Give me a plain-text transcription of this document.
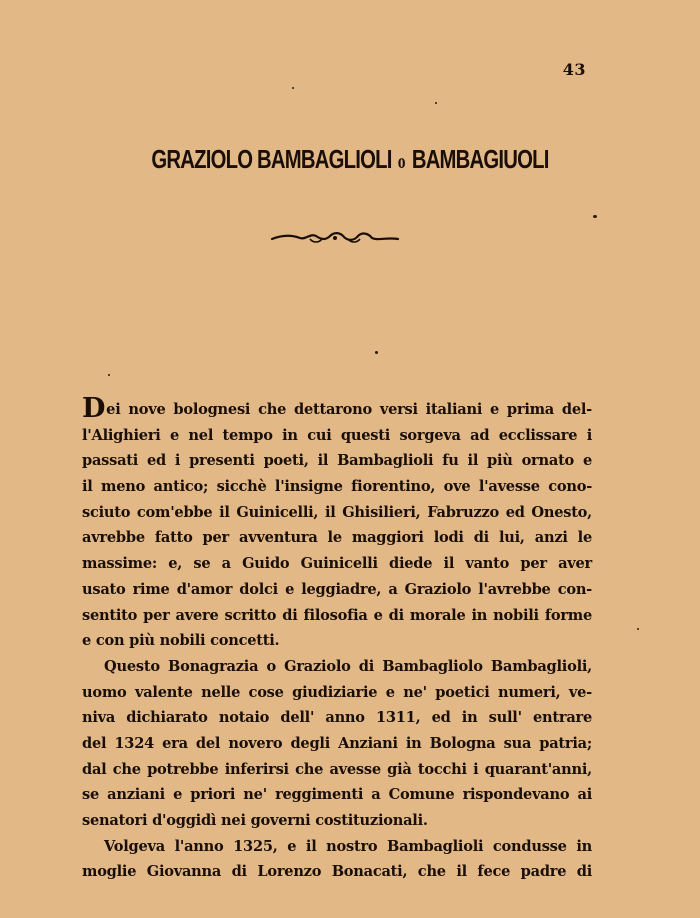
43
GRAZIOLO BAMBAGLIOLI o BAMBAGIUOLI
Dei nove bolognesi che dettarono versi italiani e prima del-
l'Alighieri e nel tempo in cui questi sorgeva ad ecclissare i
passati ed i presenti poeti, il Bambaglioli fu il più ornato e
il meno antico; sicchè l'insigne fiorentino, ove l'avesse cono-
sciuto com'ebbe il Guinicelli, il Ghisilieri, Fabruzzo ed Onesto,
avrebbe fatto per avventura le maggiori lodi di lui, anzi le
massime: e, se a Guido Guinicelli diede il vanto per aver
usato rime d'amor dolci e leggiadre, a Graziolo l'avrebbe con-
sentito per avere scritto di filosofia e di morale in nobili forme
e con più nobili concetti.
Questo Bonagrazia o Graziolo di Bambagliolo Bambaglioli,
uomo valente nelle cose giudiziarie e ne' poetici numeri, ve-
niva dichiarato notaio dell' anno 1311, ed in sull' entrare
del 1324 era del novero degli Anziani in Bologna sua patria;
dal che potrebbe inferirsi che avesse già tocchi i quarant'anni,
se anziani e priori ne' reggimenti a Comune rispondevano ai
senatori d'oggidì nei governi costituzionali.
Volgeva l'anno 1325, e il nostro Bambaglioli condusse in
moglie Giovanna di Lorenzo Bonacati, che il fece padre di
